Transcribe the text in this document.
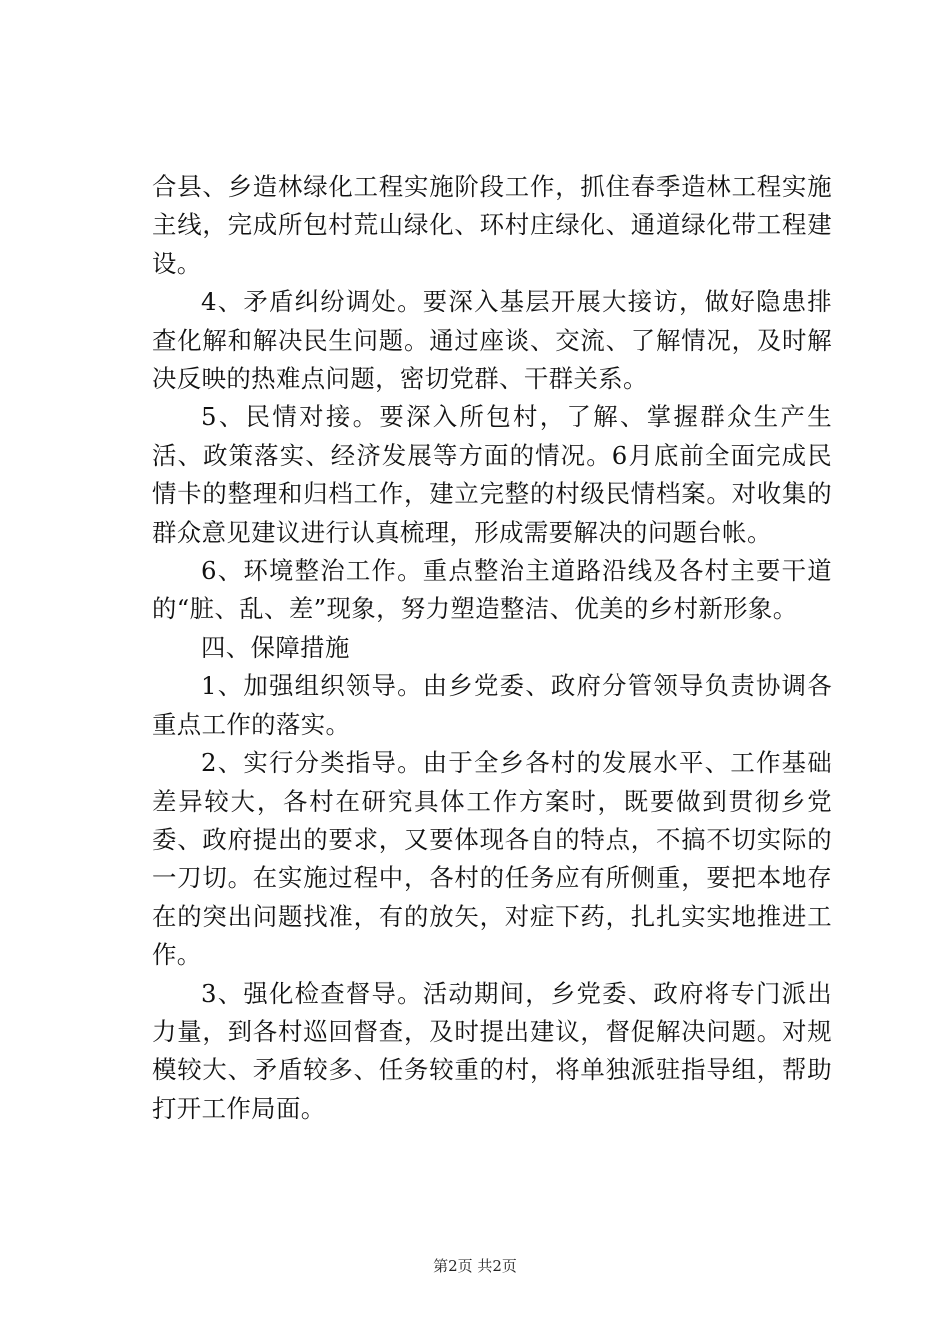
合县、乡造林绿化工程实施阶段工作，抓住春季造林工程实施主线，完成所包村荒山绿化、环村庄绿化、通道绿化带工程建设。

4、矛盾纠纷调处。要深入基层开展大接访，做好隐患排查化解和解决民生问题。通过座谈、交流、了解情况，及时解决反映的热难点问题，密切党群、干群关系。

5、民情对接。要深入所包村，了解、掌握群众生产生活、政策落实、经济发展等方面的情况。6月底前全面完成民情卡的整理和归档工作，建立完整的村级民情档案。对收集的群众意见建议进行认真梳理，形成需要解决的问题台帐。

6、环境整治工作。重点整治主道路沿线及各村主要干道的“脏、乱、差”现象，努力塑造整洁、优美的乡村新形象。

四、保障措施

1、加强组织领导。由乡党委、政府分管领导负责协调各重点工作的落实。

2、实行分类指导。由于全乡各村的发展水平、工作基础差异较大，各村在研究具体工作方案时，既要做到贯彻乡党委、政府提出的要求，又要体现各自的特点，不搞不切实际的一刀切。在实施过程中，各村的任务应有所侧重，要把本地存在的突出问题找准，有的放矢，对症下药，扎扎实实地推进工作。

3、强化检查督导。活动期间，乡党委、政府将专门派出力量，到各村巡回督查，及时提出建议，督促解决问题。对规模较大、矛盾较多、任务较重的村，将单独派驻指导组，帮助打开工作局面。

第2页 共2页
